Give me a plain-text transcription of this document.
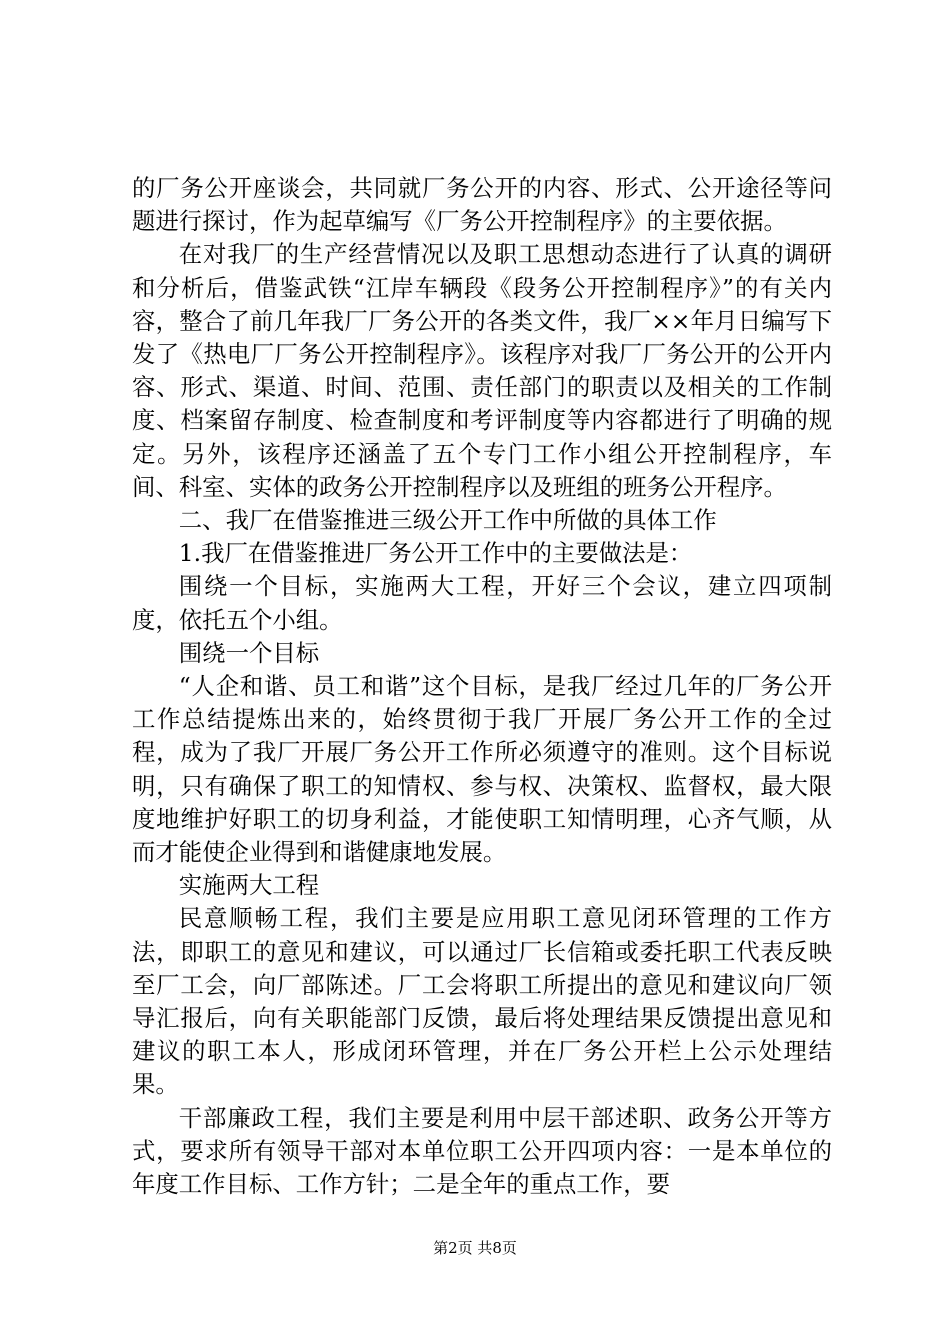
的厂务公开座谈会，共同就厂务公开的内容、形式、公开途径等问题进行探讨，作为起草编写《厂务公开控制程序》的主要依据。

在对我厂的生产经营情况以及职工思想动态进行了认真的调研和分析后，借鉴武铁“江岸车辆段《段务公开控制程序》”的有关内容，整合了前几年我厂厂务公开的各类文件，我厂××年月日编写下发了《热电厂厂务公开控制程序》。该程序对我厂厂务公开的公开内容、形式、渠道、时间、范围、责任部门的职责以及相关的工作制度、档案留存制度、检查制度和考评制度等内容都进行了明确的规定。另外，该程序还涵盖了五个专门工作小组公开控制程序，车间、科室、实体的政务公开控制程序以及班组的班务公开程序。

二、我厂在借鉴推进三级公开工作中所做的具体工作

1.我厂在借鉴推进厂务公开工作中的主要做法是：

围绕一个目标，实施两大工程，开好三个会议，建立四项制度，依托五个小组。

围绕一个目标

“人企和谐、员工和谐”这个目标，是我厂经过几年的厂务公开工作总结提炼出来的，始终贯彻于我厂开展厂务公开工作的全过程，成为了我厂开展厂务公开工作所必须遵守的准则。这个目标说明，只有确保了职工的知情权、参与权、决策权、监督权，最大限度地维护好职工的切身利益，才能使职工知情明理，心齐气顺，从而才能使企业得到和谐健康地发展。

实施两大工程

民意顺畅工程，我们主要是应用职工意见闭环管理的工作方法，即职工的意见和建议，可以通过厂长信箱或委托职工代表反映至厂工会，向厂部陈述。厂工会将职工所提出的意见和建议向厂领导汇报后，向有关职能部门反馈，最后将处理结果反馈提出意见和建议的职工本人，形成闭环管理，并在厂务公开栏上公示处理结果。

干部廉政工程，我们主要是利用中层干部述职、政务公开等方式，要求所有领导干部对本单位职工公开四项内容：一是本单位的年度工作目标、工作方针；二是全年的重点工作，要

第2页 共8页
